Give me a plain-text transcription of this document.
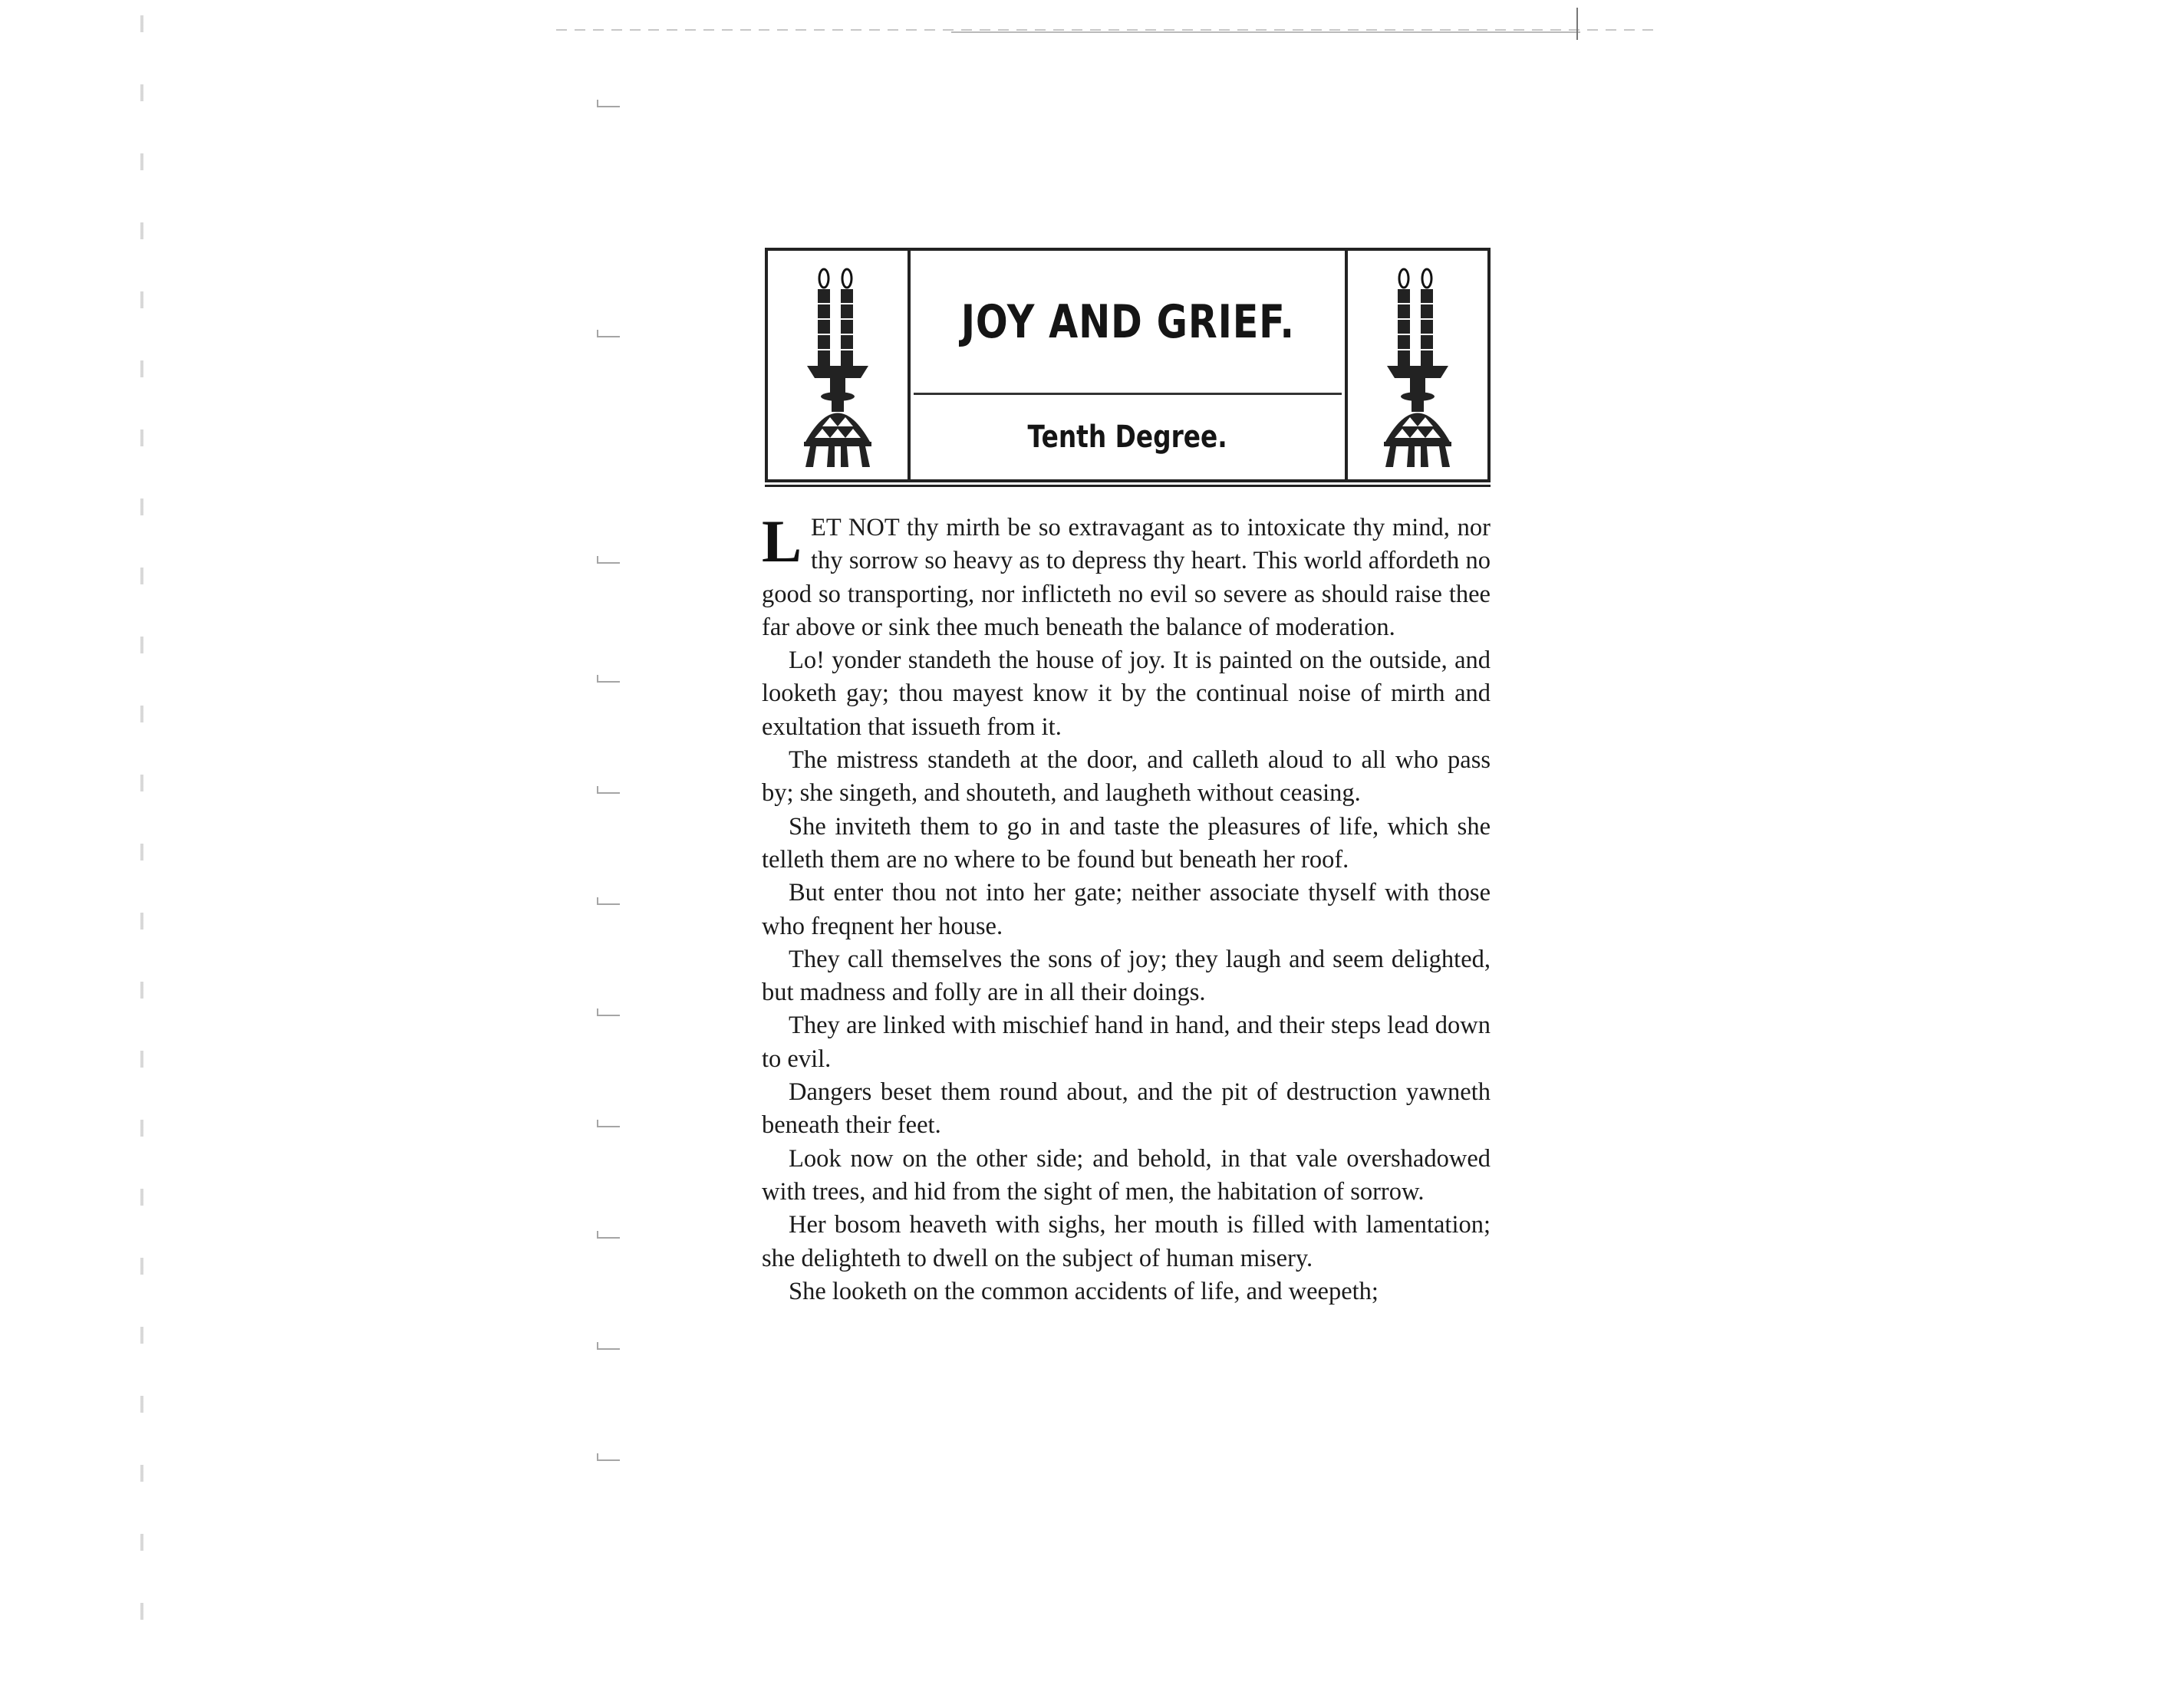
JOY AND GRIEF.
Tenth Degree.

LET NOT thy mirth be so extravagant as to intoxicate thy mind, nor thy sorrow so heavy as to depress thy heart. This world affordeth no good so transporting, nor inflicteth no evil so severe as should raise thee far above or sink thee much beneath the balance of moderation.

Lo! yonder standeth the house of joy. It is painted on the outside, and looketh gay; thou mayest know it by the continual noise of mirth and exultation that issueth from it.

The mistress standeth at the door, and calleth aloud to all who pass by; she singeth, and shouteth, and laugheth without ceasing.

She inviteth them to go in and taste the pleasures of life, which she telleth them are no where to be found but beneath her roof.

But enter thou not into her gate; neither associate thyself with those who freqnent her house.

They call themselves the sons of joy; they laugh and seem delighted, but madness and folly are in all their doings.

They are linked with mischief hand in hand, and their steps lead down to evil.

Dangers beset them round about, and the pit of destruction yawneth beneath their feet.

Look now on the other side; and behold, in that vale overshadowed with trees, and hid from the sight of men, the habitation of sorrow.

Her bosom heaveth with sighs, her mouth is filled with lamentation; she delighteth to dwell on the subject of human misery.

She looketh on the common accidents of life, and weepeth;
